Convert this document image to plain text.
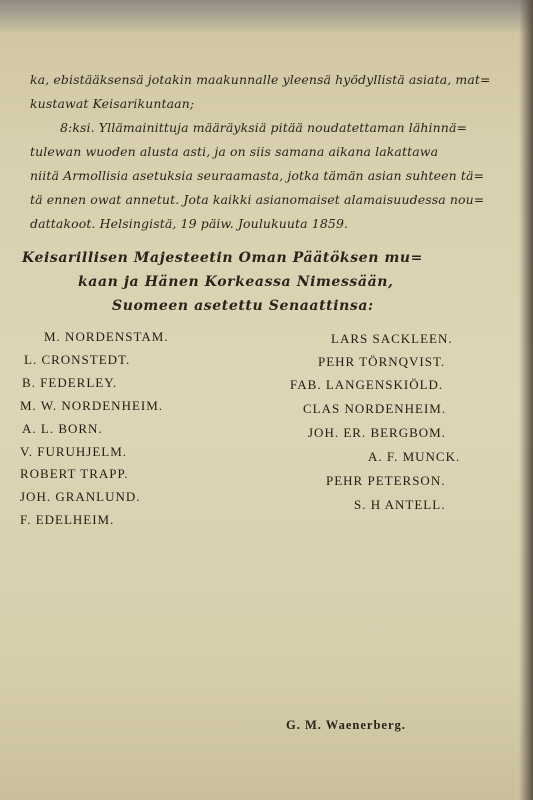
ka, ebistääksensä jotakin maakunnalle yleensä hyödyllistä asiata, mat=
kustawat Keisarikuntaan;
8:ksi. Yllämainittuja määräyksiä pitää noudatettaman lähinnä=
tulewan wuoden alusta asti, ja on siis samana aikana lakattawa
niitä Armollisia asetuksia seuraamasta, jotka tämän asian suhteen tä=
tä ennen owat annetut. Jota kaikki asianomaiset alamaisuudessa nou=
dattakoot. Helsingistä, 19 päiw. Joulukuuta 1859.
Keisarillisen Majesteetin Oman Päätöksen mu=
kaan ja Hänen Korkeassa Nimessään,
Suomeen asetettu Senaattinsa:
M. NORDENSTAM.
L. CRONSTEDT.
B. FEDERLEY.
M. W. NORDENHEIM.
A. L. BORN.
V. FURUHJELM.
ROBERT TRAPP.
JOH. GRANLUND.
F. EDELHEIM.
LARS SACKLEEN.
PEHR TÖRNQVIST.
FAB. LANGENSKIÖLD.
CLAS NORDENHEIM.
JOH. ER. BERGBOM.
A. F. MUNCK.
PEHR PETERSON.
S. H ANTELL.
G. M. Waenerberg.
